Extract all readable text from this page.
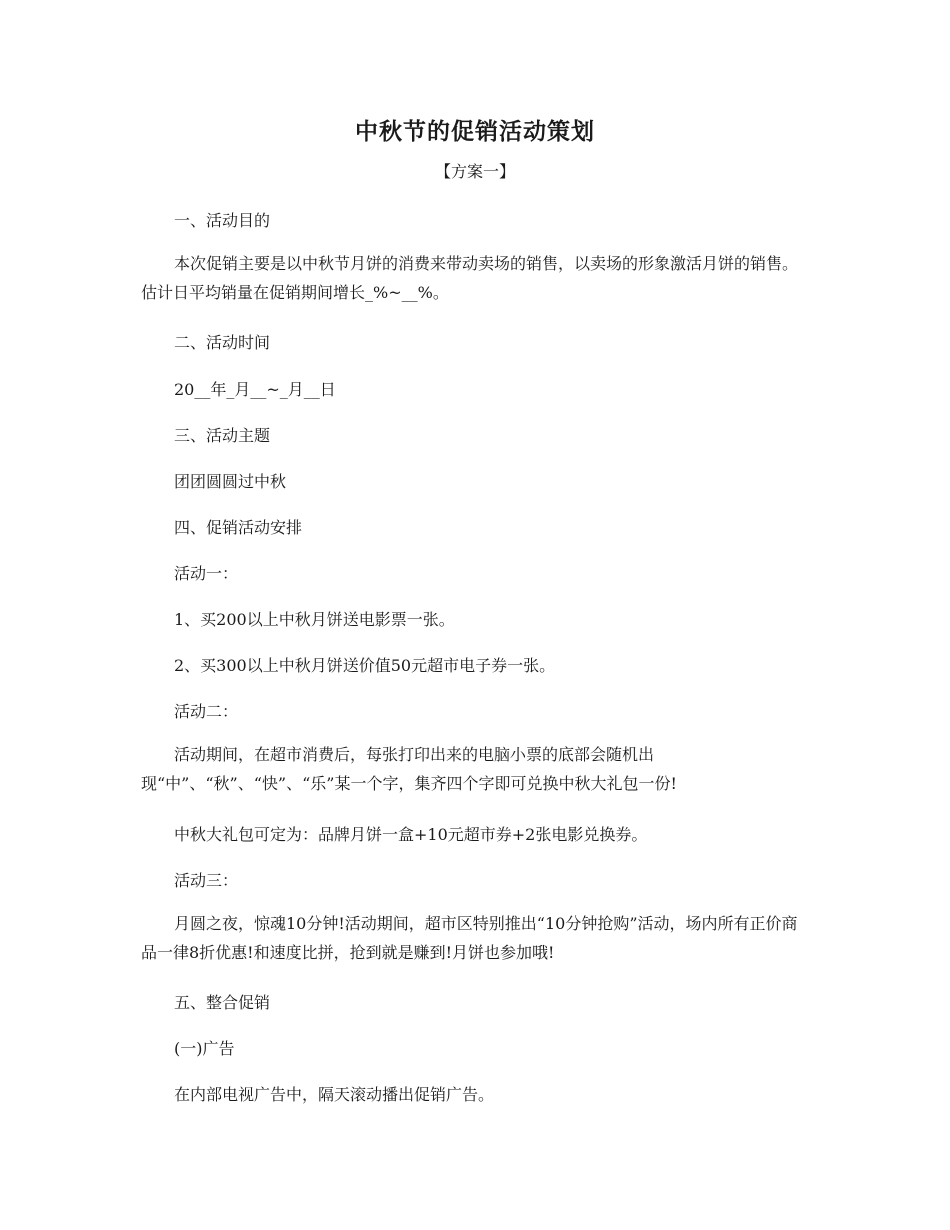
中秋节的促销活动策划
【方案一】
一、活动目的
本次促销主要是以中秋节月饼的消费来带动卖场的销售，以卖场的形象激活月饼的销售。估计日平均销量在促销期间增长_%~__%。
二、活动时间
20__年_月__~_月__日
三、活动主题
团团圆圆过中秋
四、促销活动安排
活动一：
1、买200以上中秋月饼送电影票一张。
2、买300以上中秋月饼送价值50元超市电子券一张。
活动二：
活动期间，在超市消费后，每张打印出来的电脑小票的底部会随机出现“中”、“秋”、“快”、“乐”某一个字，集齐四个字即可兑换中秋大礼包一份!
中秋大礼包可定为：品牌月饼一盒+10元超市券+2张电影兑换券。
活动三：
月圆之夜，惊魂10分钟!活动期间，超市区特别推出“10分钟抢购”活动，场内所有正价商品一律8折优惠!和速度比拼，抢到就是赚到!月饼也参加哦!
五、整合促销
(一)广告
在内部电视广告中，隔天滚动播出促销广告。
